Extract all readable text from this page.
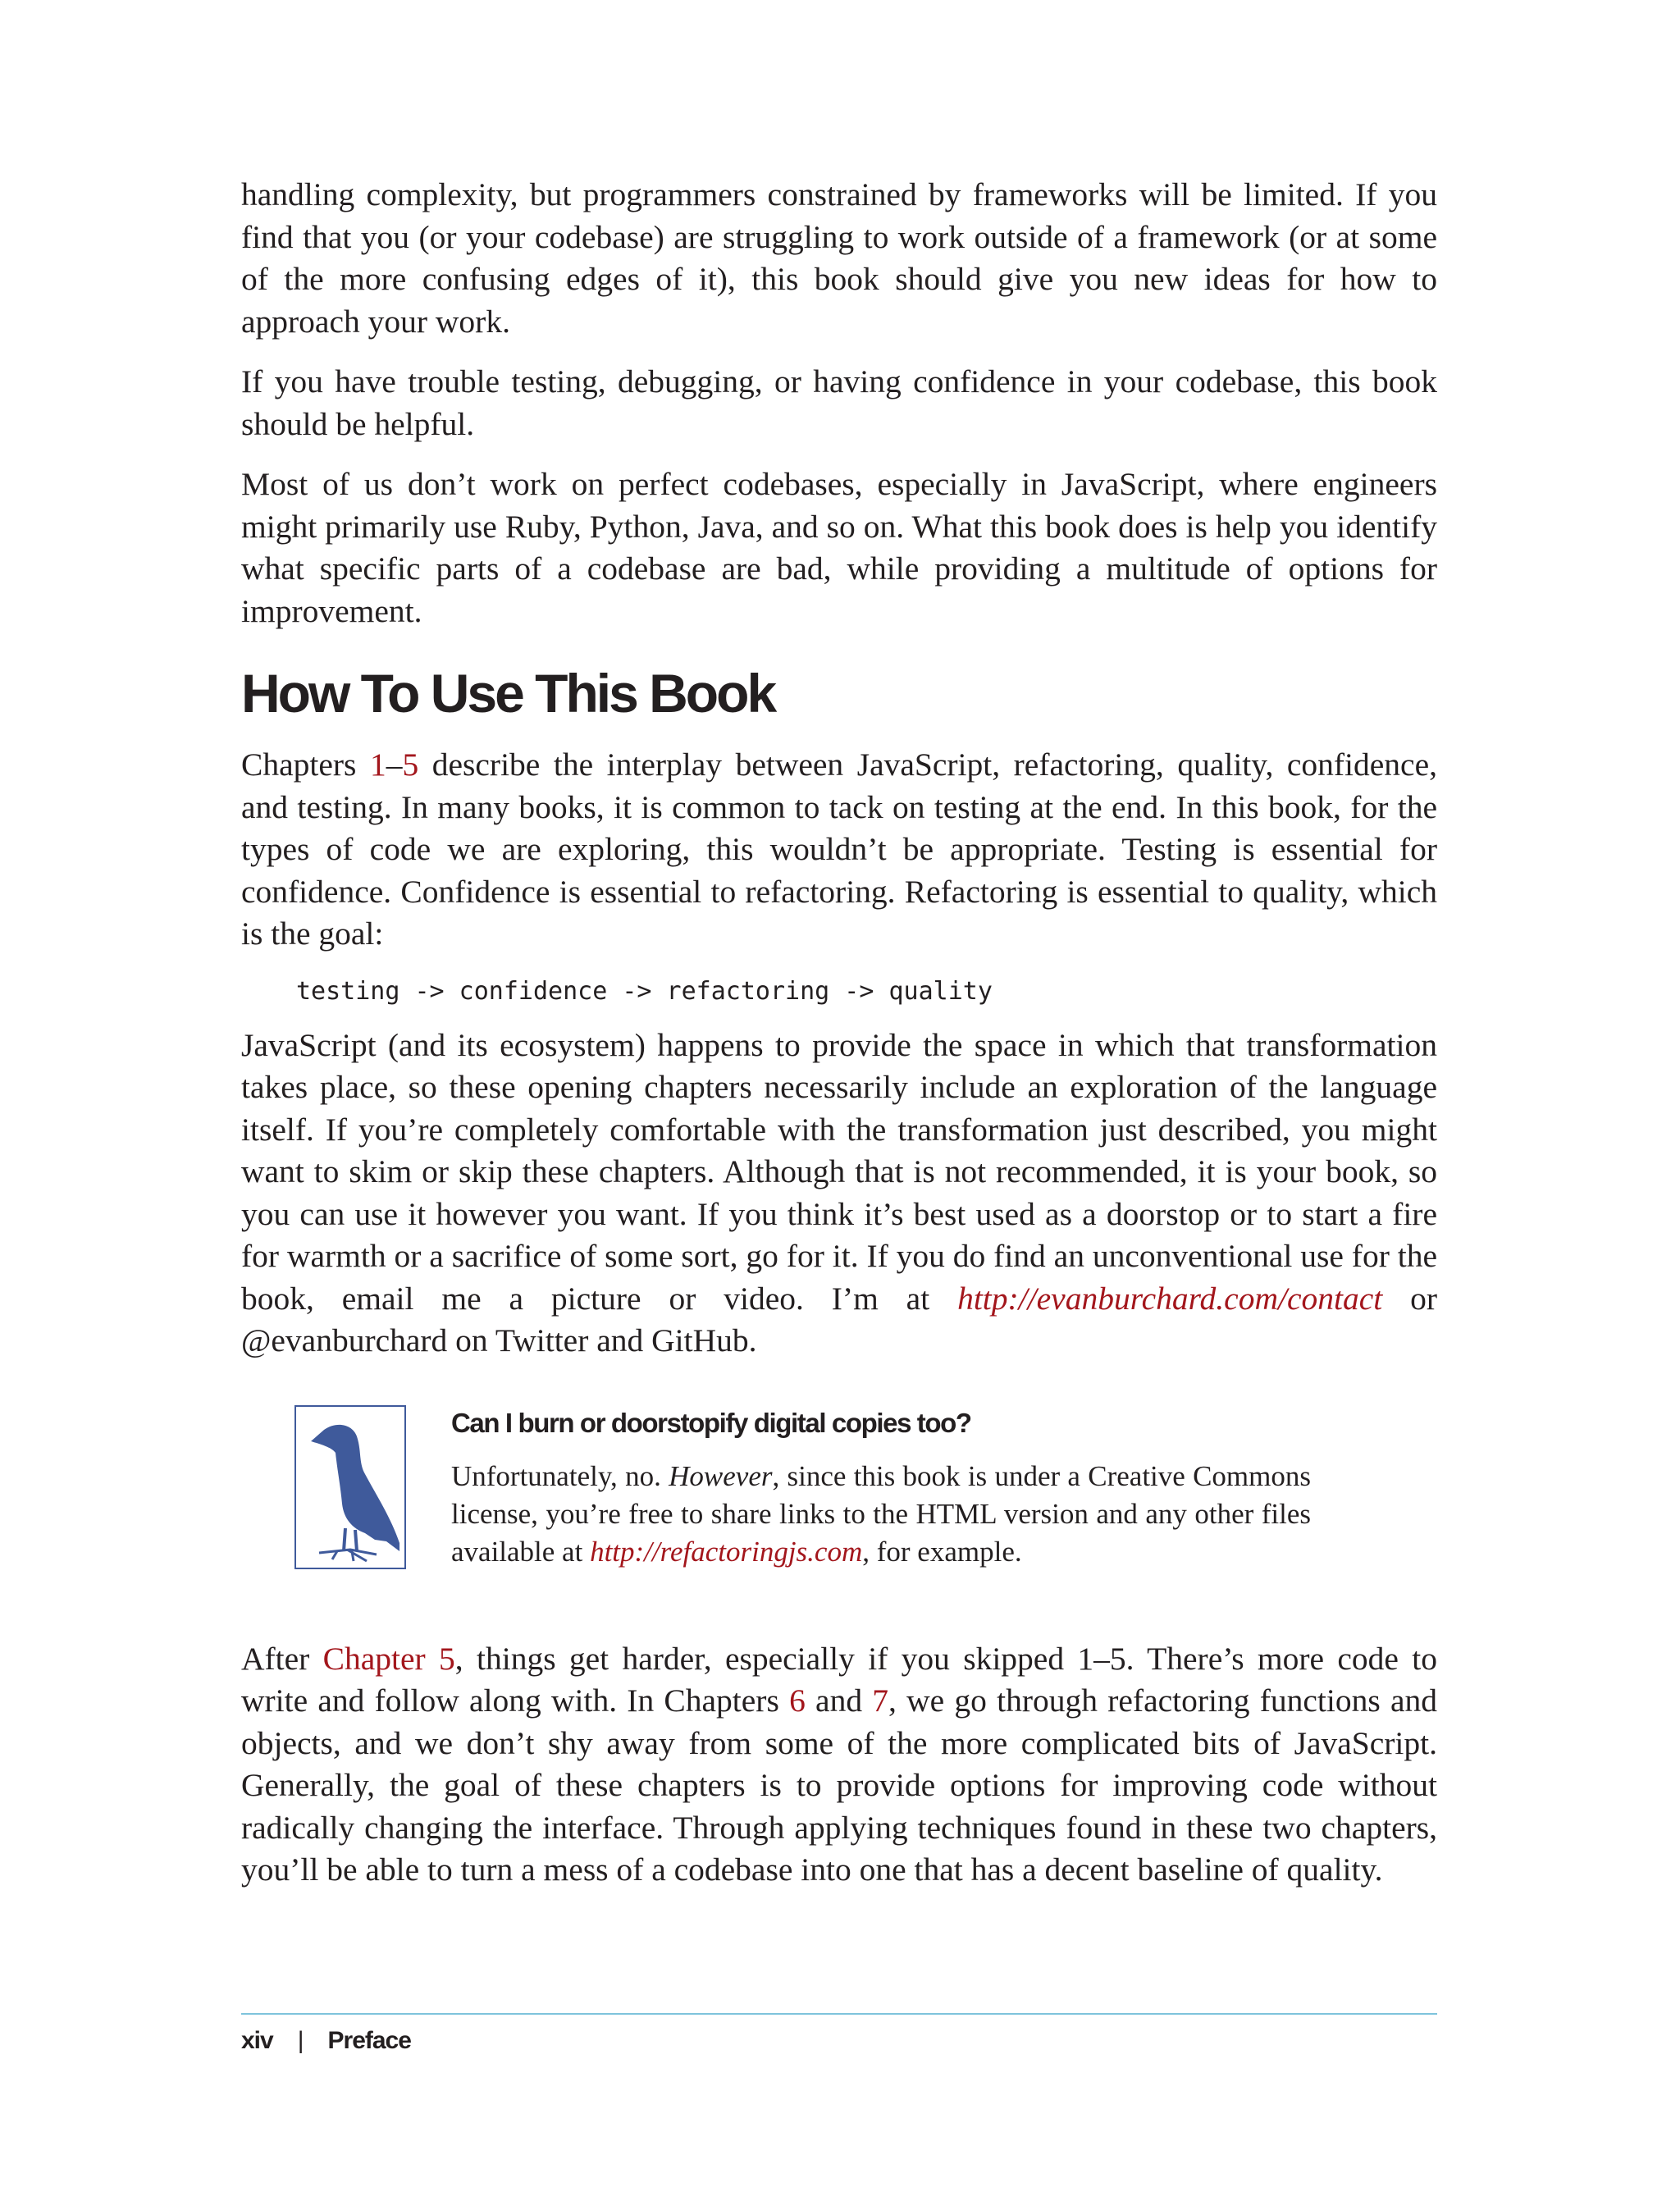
handling complexity, but programmers constrained by frameworks will be limited. If you find that you (or your codebase) are struggling to work outside of a framework (or at some of the more confusing edges of it), this book should give you new ideas for how to approach your work.

If you have trouble testing, debugging, or having confidence in your codebase, this book should be helpful.

Most of us don’t work on perfect codebases, especially in JavaScript, where engineers might primarily use Ruby, Python, Java, and so on. What this book does is help you identify what specific parts of a codebase are bad, while providing a multitude of options for improvement.

How To Use This Book

Chapters 1–5 describe the interplay between JavaScript, refactoring, quality, confidence, and testing. In many books, it is common to tack on testing at the end. In this book, for the types of code we are exploring, this wouldn’t be appropriate. Testing is essential for confidence. Confidence is essential to refactoring. Refactoring is essential to quality, which is the goal:

testing -> confidence -> refactoring -> quality

JavaScript (and its ecosystem) happens to provide the space in which that transformation takes place, so these opening chapters necessarily include an exploration of the language itself. If you’re completely comfortable with the transformation just described, you might want to skim or skip these chapters. Although that is not recommended, it is your book, so you can use it however you want. If you think it’s best used as a doorstop or to start a fire for warmth or a sacrifice of some sort, go for it. If you do find an unconventional use for the book, email me a picture or video. I’m at http://evanburchard.com/contact or @evanburchard on Twitter and GitHub.

Can I burn or doorstopify digital copies too?

Unfortunately, no. However, since this book is under a Creative Commons license, you’re free to share links to the HTML version and any other files available at http://refactoringjs.com, for example.

After Chapter 5, things get harder, especially if you skipped 1–5. There’s more code to write and follow along with. In Chapters 6 and 7, we go through refactoring functions and objects, and we don’t shy away from some of the more complicated bits of JavaScript. Generally, the goal of these chapters is to provide options for improving code without radically changing the interface. Through applying techniques found in these two chapters, you’ll be able to turn a mess of a codebase into one that has a decent baseline of quality.

xiv | Preface
